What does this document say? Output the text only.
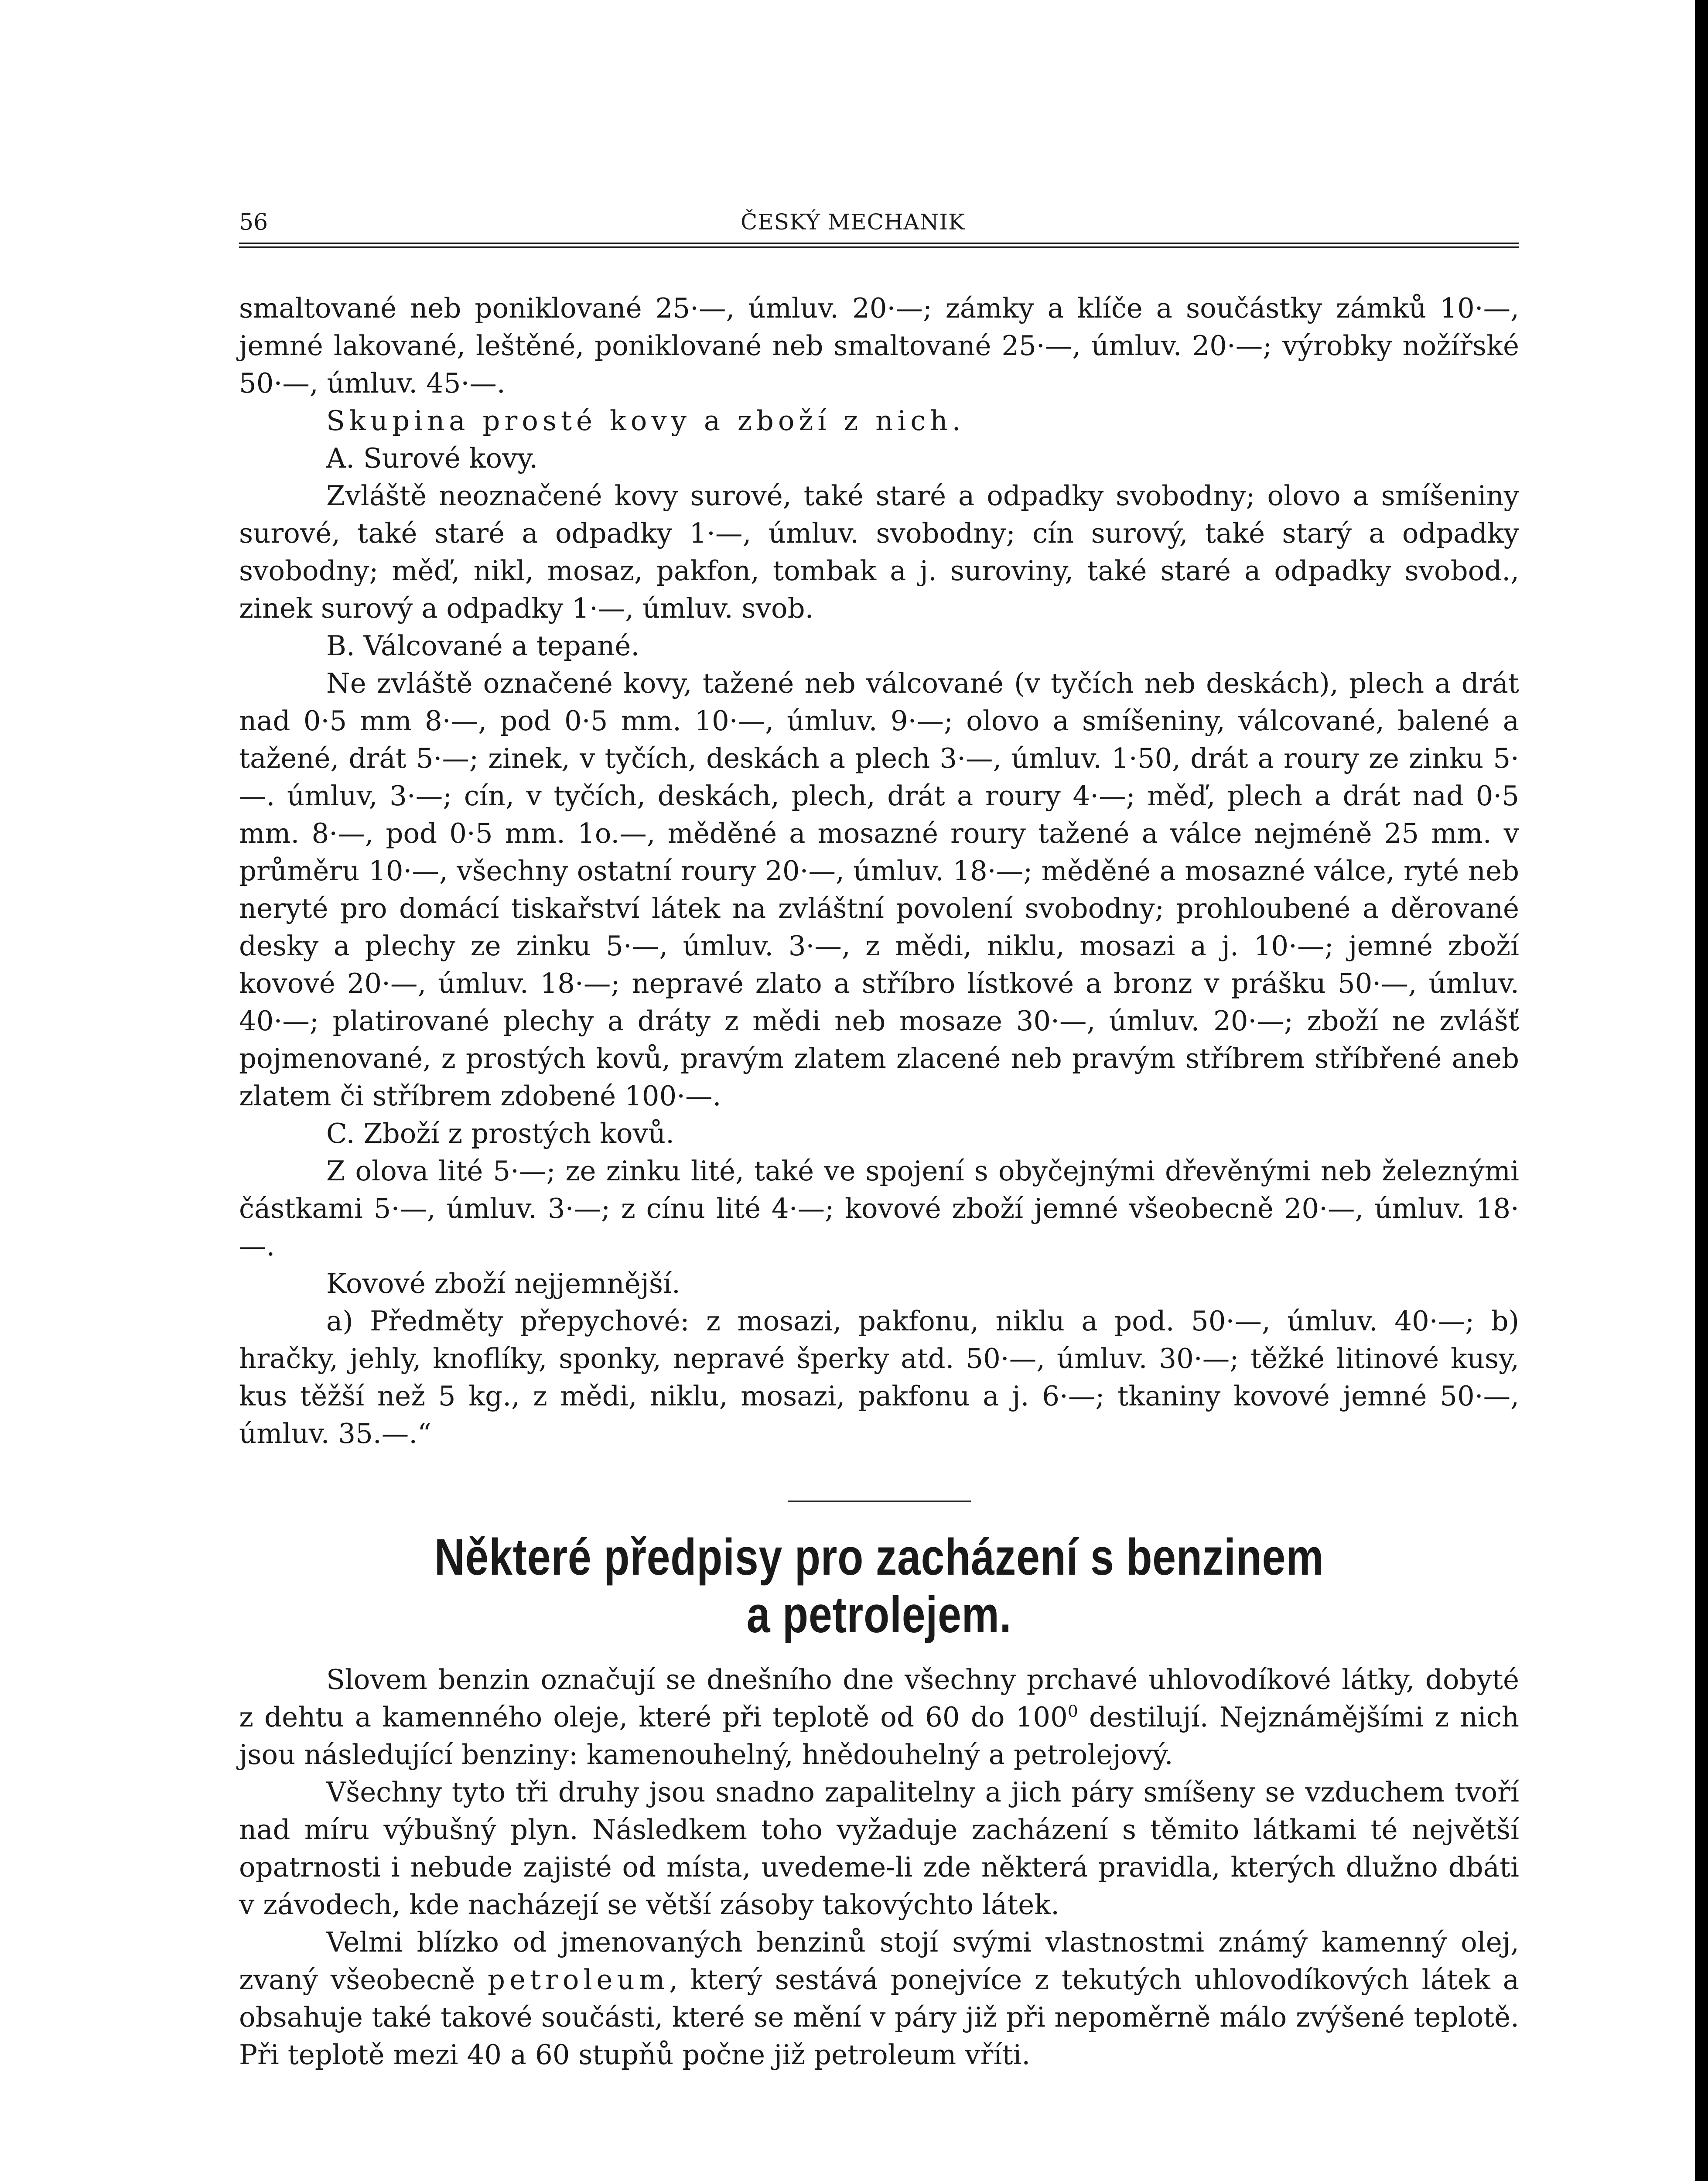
56	ČESKÝ MECHANIK

smaltované neb poniklované 25·—, úmluv. 20·—; zámky a klíče a součástky zámků 10·—, jemné lakované, leštěné, poniklované neb smaltované 25·—, úmluv. 20·—; výrobky nožířské 50·—, úmluv. 45·—.

Skupina prosté kovy a zboží z nich.

A. Surové kovy.

Zvláště neoznačené kovy surové, také staré a odpadky svobodny; olovo a smíšeniny surové, také staré a odpadky 1·—, úmluv. svobodny; cín surový, také starý a odpadky svobodny; měď, nikl, mosaz, pakfon, tombak a j. suroviny, také staré a odpadky svobod., zinek surový a odpadky 1·—, úmluv. svob.

B. Válcované a tepané.

Ne zvláště označené kovy, tažené neb válcované (v tyčích neb deskách), plech a drát nad 0·5 mm 8·—, pod 0·5 mm. 10·—, úmluv. 9·—; olovo a smíšeniny, válcované, balené a tažené, drát 5·—; zinek, v tyčích, deskách a plech 3·—, úmluv. 1·50, drát a roury ze zinku 5·—. úmluv, 3·—; cín, v tyčích, deskách, plech, drát a roury 4·—; měď, plech a drát nad 0·5 mm. 8·—, pod 0·5 mm. 1o.—, měděné a mosazné roury tažené a válce nejméně 25 mm. v průměru 10·—, všechny ostatní roury 20·—, úmluv. 18·—; měděné a mosazné válce, ryté neb neryté pro domácí tiskařství látek na zvláštní povolení svobodny; prohloubené a děrované desky a plechy ze zinku 5·—, úmluv. 3·—, z mědi, niklu, mosazi a j. 10·—; jemné zboží kovové 20·—, úmluv. 18·—; nepravé zlato a stříbro lístkové a bronz v prášku 50·—, úmluv. 40·—; platirované plechy a dráty z mědi neb mosaze 30·—, úmluv. 20·—; zboží ne zvlášť pojmenované, z prostých kovů, pravým zlatem zlacené neb pravým stříbrem stříbřené aneb zlatem či stříbrem zdobené 100·—.

C. Zboží z prostých kovů.

Z olova lité 5·—; ze zinku lité, také ve spojení s obyčejnými dřevěnými neb železnými částkami 5·—, úmluv. 3·—; z cínu lité 4·—; kovové zboží jemné všeobecně 20·—, úmluv. 18·—.

Kovové zboží nejjemnější.

a) Předměty přepychové: z mosazi, pakfonu, niklu a pod. 50·—, úmluv. 40·—; b) hračky, jehly, knoflíky, sponky, nepravé šperky atd. 50·—, úmluv. 30·—; těžké litinové kusy, kus těžší než 5 kg., z mědi, niklu, mosazi, pakfonu a j. 6·—; tkaniny kovové jemné 50·—, úmluv. 35.—.“

Některé předpisy pro zacházení s benzinem
a petrolejem.

Slovem benzin označují se dnešního dne všechny prchavé uhlovodíkové látky, dobyté z dehtu a kamenného oleje, které při teplotě od 60 do $100^0$ destilují. Nejznámějšími z nich jsou následující benziny: kamenouhelný, hnědouhelný a petrolejový.

Všechny tyto tři druhy jsou snadno zapalitelny a jich páry smíšeny se vzduchem tvoří nad míru výbušný plyn. Následkem toho vyžaduje zacházení s těmito látkami té největší opatrnosti i nebude zajisté od místa, uvedeme-li zde některá pravidla, kterých dlužno dbáti v závodech, kde nacházejí se větší zásoby takovýchto látek.

Velmi blízko od jmenovaných benzinů stojí svými vlastnostmi známý kamenný olej, zvaný všeobecně petroleum, který sestává ponejvíce z tekutých uhlovodíkových látek a obsahuje také takové součásti, které se mění v páry již při nepoměrně málo zvýšené teplotě. Při teplotě mezi 40 a 60 stupňů počne již petroleum vříti.
